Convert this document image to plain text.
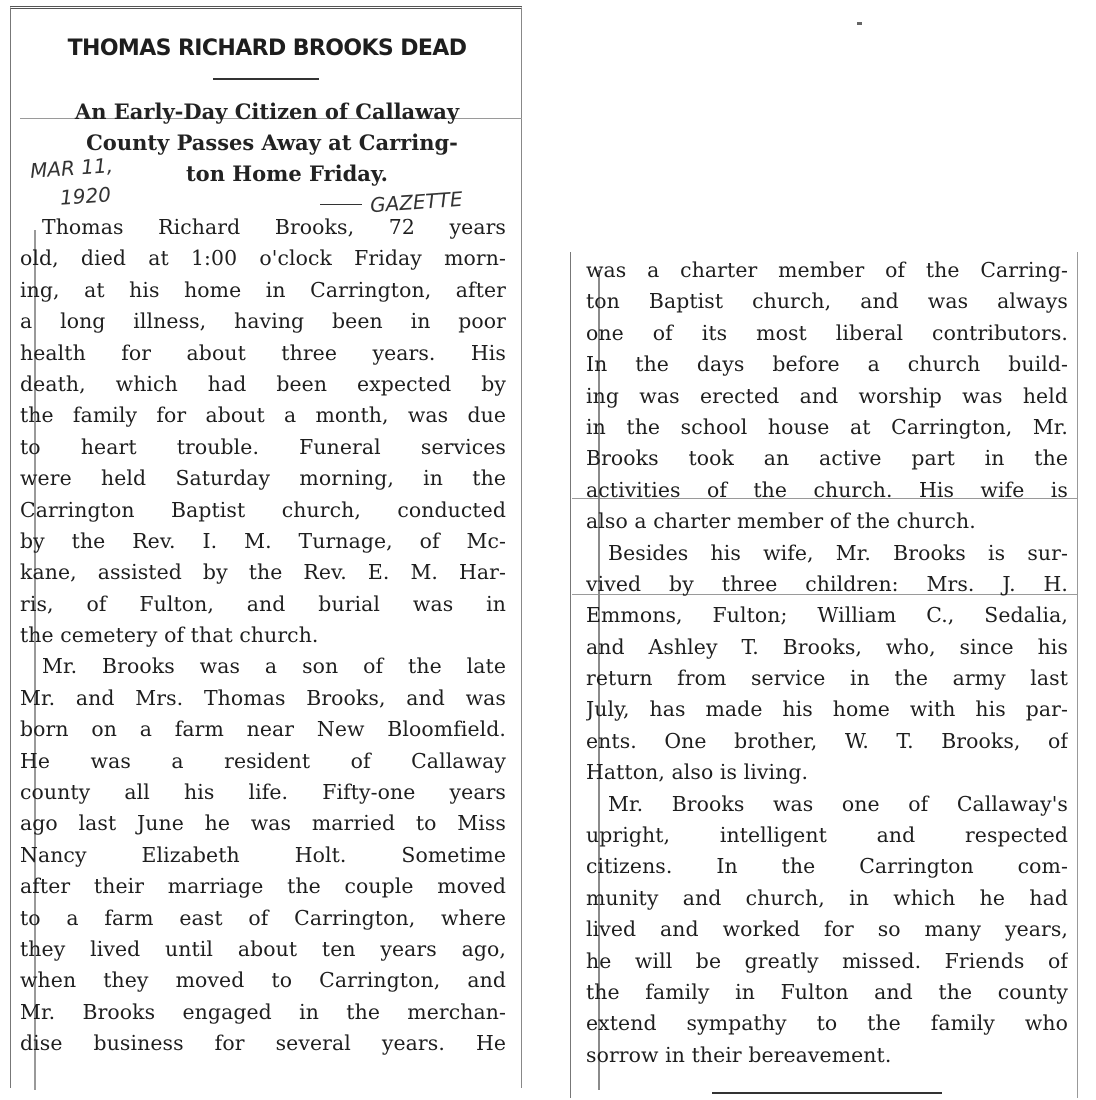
THOMAS RICHARD BROOKS DEAD
An Early-Day Citizen of Callaway
County Passes Away at Carring-
ton Home Friday.
MAR 11,
1920	GAZETTE
Thomas Richard Brooks, 72 years
old, died at 1:00 o'clock Friday morn-
ing, at his home in Carrington, after
a long illness, having been in poor
health for about three years. His
death, which had been expected by
the family for about a month, was due
to heart trouble. Funeral services
were held Saturday morning, in the
Carrington Baptist church, conducted
by the Rev. I. M. Turnage, of Mc-
kane, assisted by the Rev. E. M. Har-
ris, of Fulton, and burial was in
the cemetery of that church.
Mr. Brooks was a son of the late
Mr. and Mrs. Thomas Brooks, and was
born on a farm near New Bloomfield.
He was a resident of Callaway
county all his life. Fifty-one years
ago last June he was married to Miss
Nancy Elizabeth Holt. Sometime
after their marriage the couple moved
to a farm east of Carrington, where
they lived until about ten years ago,
when they moved to Carrington, and
Mr. Brooks engaged in the merchan-
dise business for several years. He
was a charter member of the Carring-
ton Baptist church, and was always
one of its most liberal contributors.
In the days before a church build-
ing was erected and worship was held
in the school house at Carrington, Mr.
Brooks took an active part in the
activities of the church. His wife is
also a charter member of the church.
Besides his wife, Mr. Brooks is sur-
vived by three children: Mrs. J. H.
Emmons, Fulton; William C., Sedalia,
and Ashley T. Brooks, who, since his
return from service in the army last
July, has made his home with his par-
ents. One brother, W. T. Brooks, of
Hatton, also is living.
Mr. Brooks was one of Callaway's
upright, intelligent and respected
citizens. In the Carrington com-
munity and church, in which he had
lived and worked for so many years,
he will be greatly missed. Friends of
the family in Fulton and the county
extend sympathy to the family who
sorrow in their bereavement.
